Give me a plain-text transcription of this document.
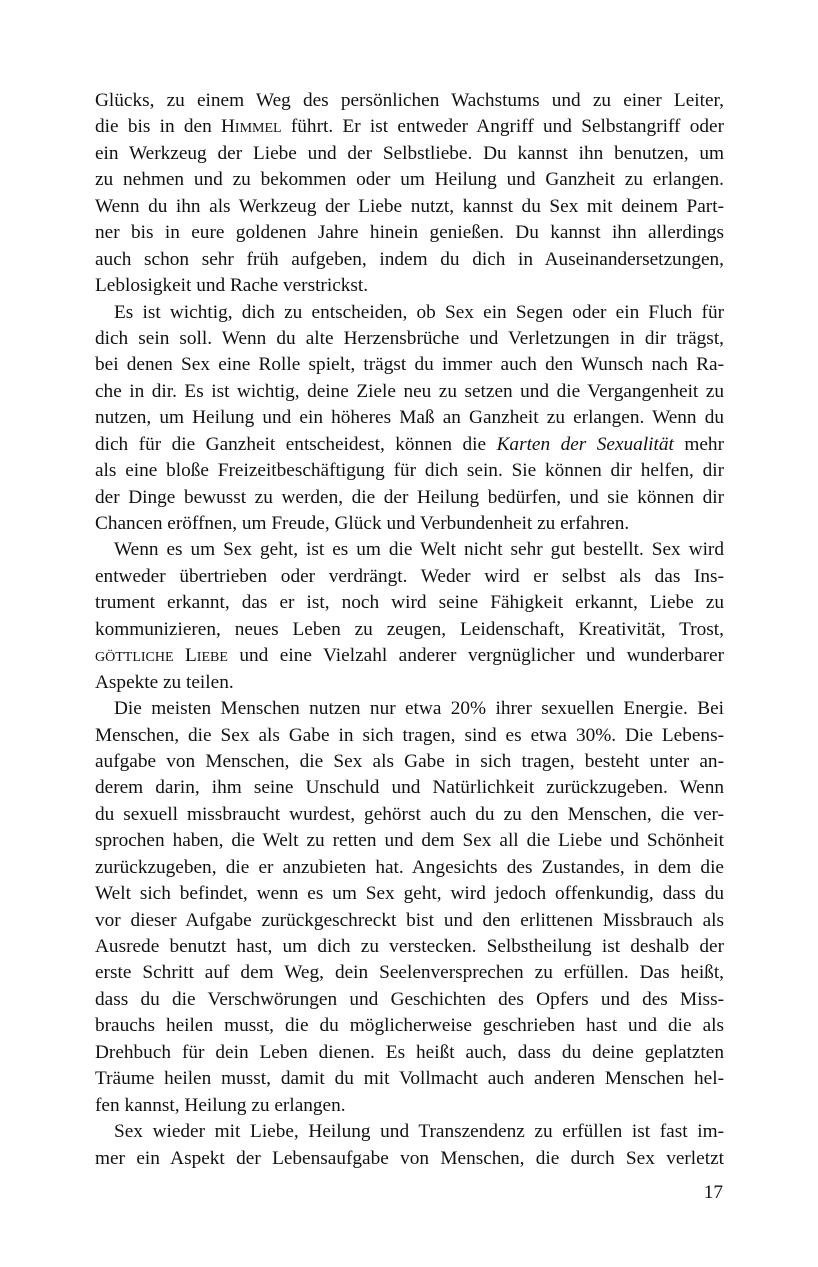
Glücks, zu einem Weg des persönlichen Wachstums und zu einer Leiter,
die bis in den Himmel führt. Er ist entweder Angriff und Selbstangriff oder
ein Werkzeug der Liebe und der Selbstliebe. Du kannst ihn benutzen, um
zu nehmen und zu bekommen oder um Heilung und Ganzheit zu erlangen.
Wenn du ihn als Werkzeug der Liebe nutzt, kannst du Sex mit deinem Part-
ner bis in eure goldenen Jahre hinein genießen. Du kannst ihn allerdings
auch schon sehr früh aufgeben, indem du dich in Auseinandersetzungen,
Leblosigkeit und Rache verstrickst.
Es ist wichtig, dich zu entscheiden, ob Sex ein Segen oder ein Fluch für
dich sein soll. Wenn du alte Herzensbrüche und Verletzungen in dir trägst,
bei denen Sex eine Rolle spielt, trägst du immer auch den Wunsch nach Ra-
che in dir. Es ist wichtig, deine Ziele neu zu setzen und die Vergangenheit zu
nutzen, um Heilung und ein höheres Maß an Ganzheit zu erlangen. Wenn du
dich für die Ganzheit entscheidest, können die Karten der Sexualität mehr
als eine bloße Freizeitbeschäftigung für dich sein. Sie können dir helfen, dir
der Dinge bewusst zu werden, die der Heilung bedürfen, und sie können dir
Chancen eröffnen, um Freude, Glück und Verbundenheit zu erfahren.
Wenn es um Sex geht, ist es um die Welt nicht sehr gut bestellt. Sex wird
entweder übertrieben oder verdrängt. Weder wird er selbst als das Ins-
trument erkannt, das er ist, noch wird seine Fähigkeit erkannt, Liebe zu
kommunizieren, neues Leben zu zeugen, Leidenschaft, Kreativität, Trost,
göttliche Liebe und eine Vielzahl anderer vergnüglicher und wunderbarer
Aspekte zu teilen.
Die meisten Menschen nutzen nur etwa 20% ihrer sexuellen Energie. Bei
Menschen, die Sex als Gabe in sich tragen, sind es etwa 30%. Die Lebens-
aufgabe von Menschen, die Sex als Gabe in sich tragen, besteht unter an-
derem darin, ihm seine Unschuld und Natürlichkeit zurückzugeben. Wenn
du sexuell missbraucht wurdest, gehörst auch du zu den Menschen, die ver-
sprochen haben, die Welt zu retten und dem Sex all die Liebe und Schönheit
zurückzugeben, die er anzubieten hat. Angesichts des Zustandes, in dem die
Welt sich befindet, wenn es um Sex geht, wird jedoch offenkundig, dass du
vor dieser Aufgabe zurückgeschreckt bist und den erlittenen Missbrauch als
Ausrede benutzt hast, um dich zu verstecken. Selbstheilung ist deshalb der
erste Schritt auf dem Weg, dein Seelenversprechen zu erfüllen. Das heißt,
dass du die Verschwörungen und Geschichten des Opfers und des Miss-
brauchs heilen musst, die du möglicherweise geschrieben hast und die als
Drehbuch für dein Leben dienen. Es heißt auch, dass du deine geplatzten
Träume heilen musst, damit du mit Vollmacht auch anderen Menschen hel-
fen kannst, Heilung zu erlangen.
Sex wieder mit Liebe, Heilung und Transzendenz zu erfüllen ist fast im-
mer ein Aspekt der Lebensaufgabe von Menschen, die durch Sex verletzt
17
